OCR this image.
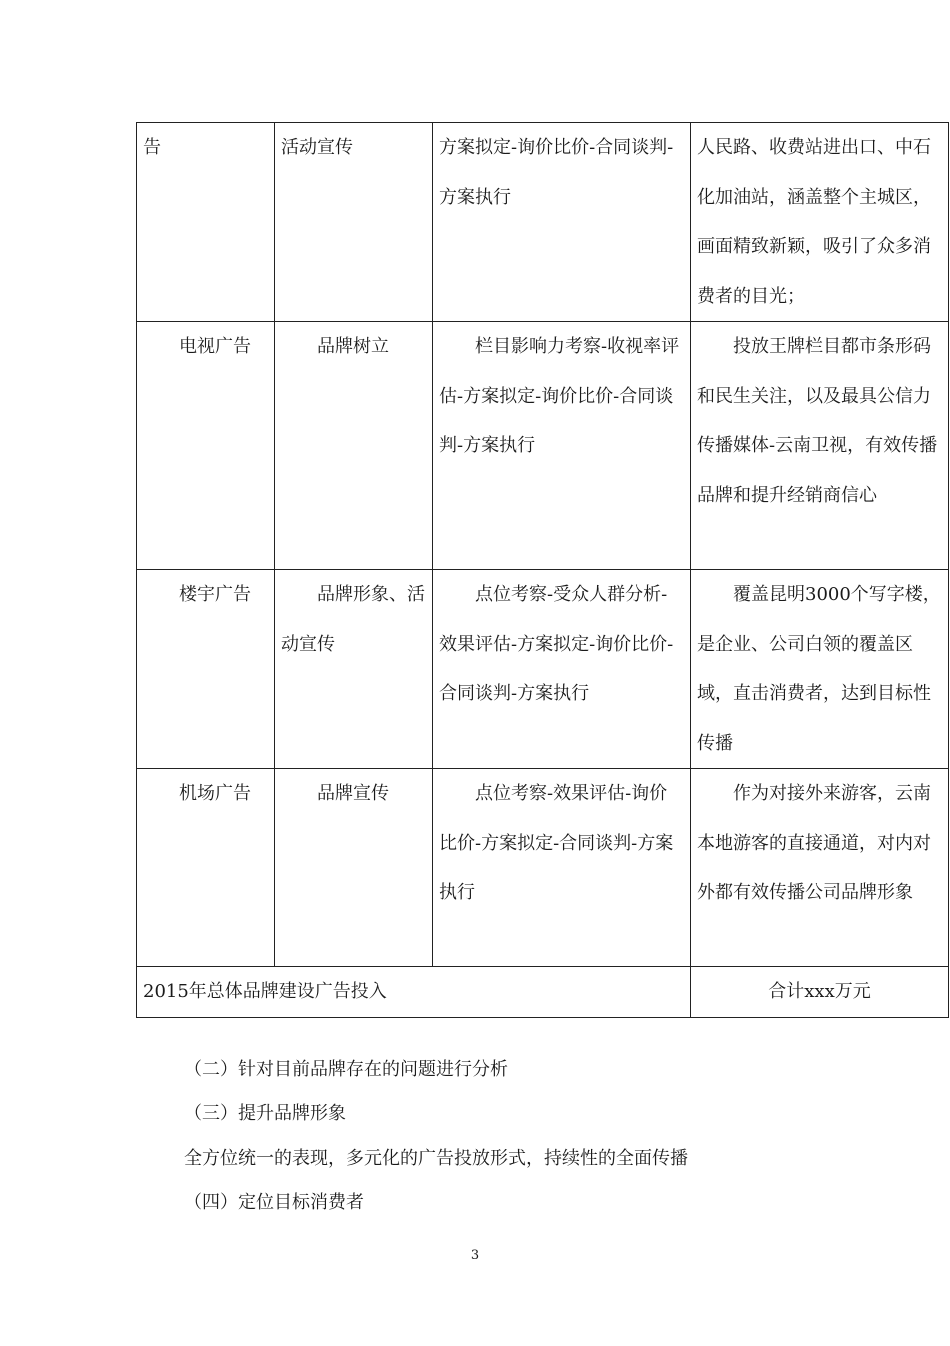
告	活动宣传	方案拟定-询价比价-合同谈判-方案执行	人民路、收费站进出口、中石化加油站，涵盖整个主城区，画面精致新颖，吸引了众多消费者的目光；
电视广告	品牌树立	栏目影响力考察-收视率评估-方案拟定-询价比价-合同谈判-方案执行	投放王牌栏目都市条形码和民生关注，以及最具公信力传播媒体-云南卫视，有效传播品牌和提升经销商信心
楼宇广告	品牌形象、活动宣传	点位考察-受众人群分析-效果评估-方案拟定-询价比价-合同谈判-方案执行	覆盖昆明3000个写字楼，是企业、公司白领的覆盖区域，直击消费者，达到目标性传播
机场广告	品牌宣传	点位考察-效果评估-询价比价-方案拟定-合同谈判-方案执行	作为对接外来游客，云南本地游客的直接通道，对内对外都有效传播公司品牌形象
2015年总体品牌建设广告投入			合计xxx万元
（二）针对目前品牌存在的问题进行分析
（三）提升品牌形象
全方位统一的表现，多元化的广告投放形式，持续性的全面传播
（四）定位目标消费者
3
